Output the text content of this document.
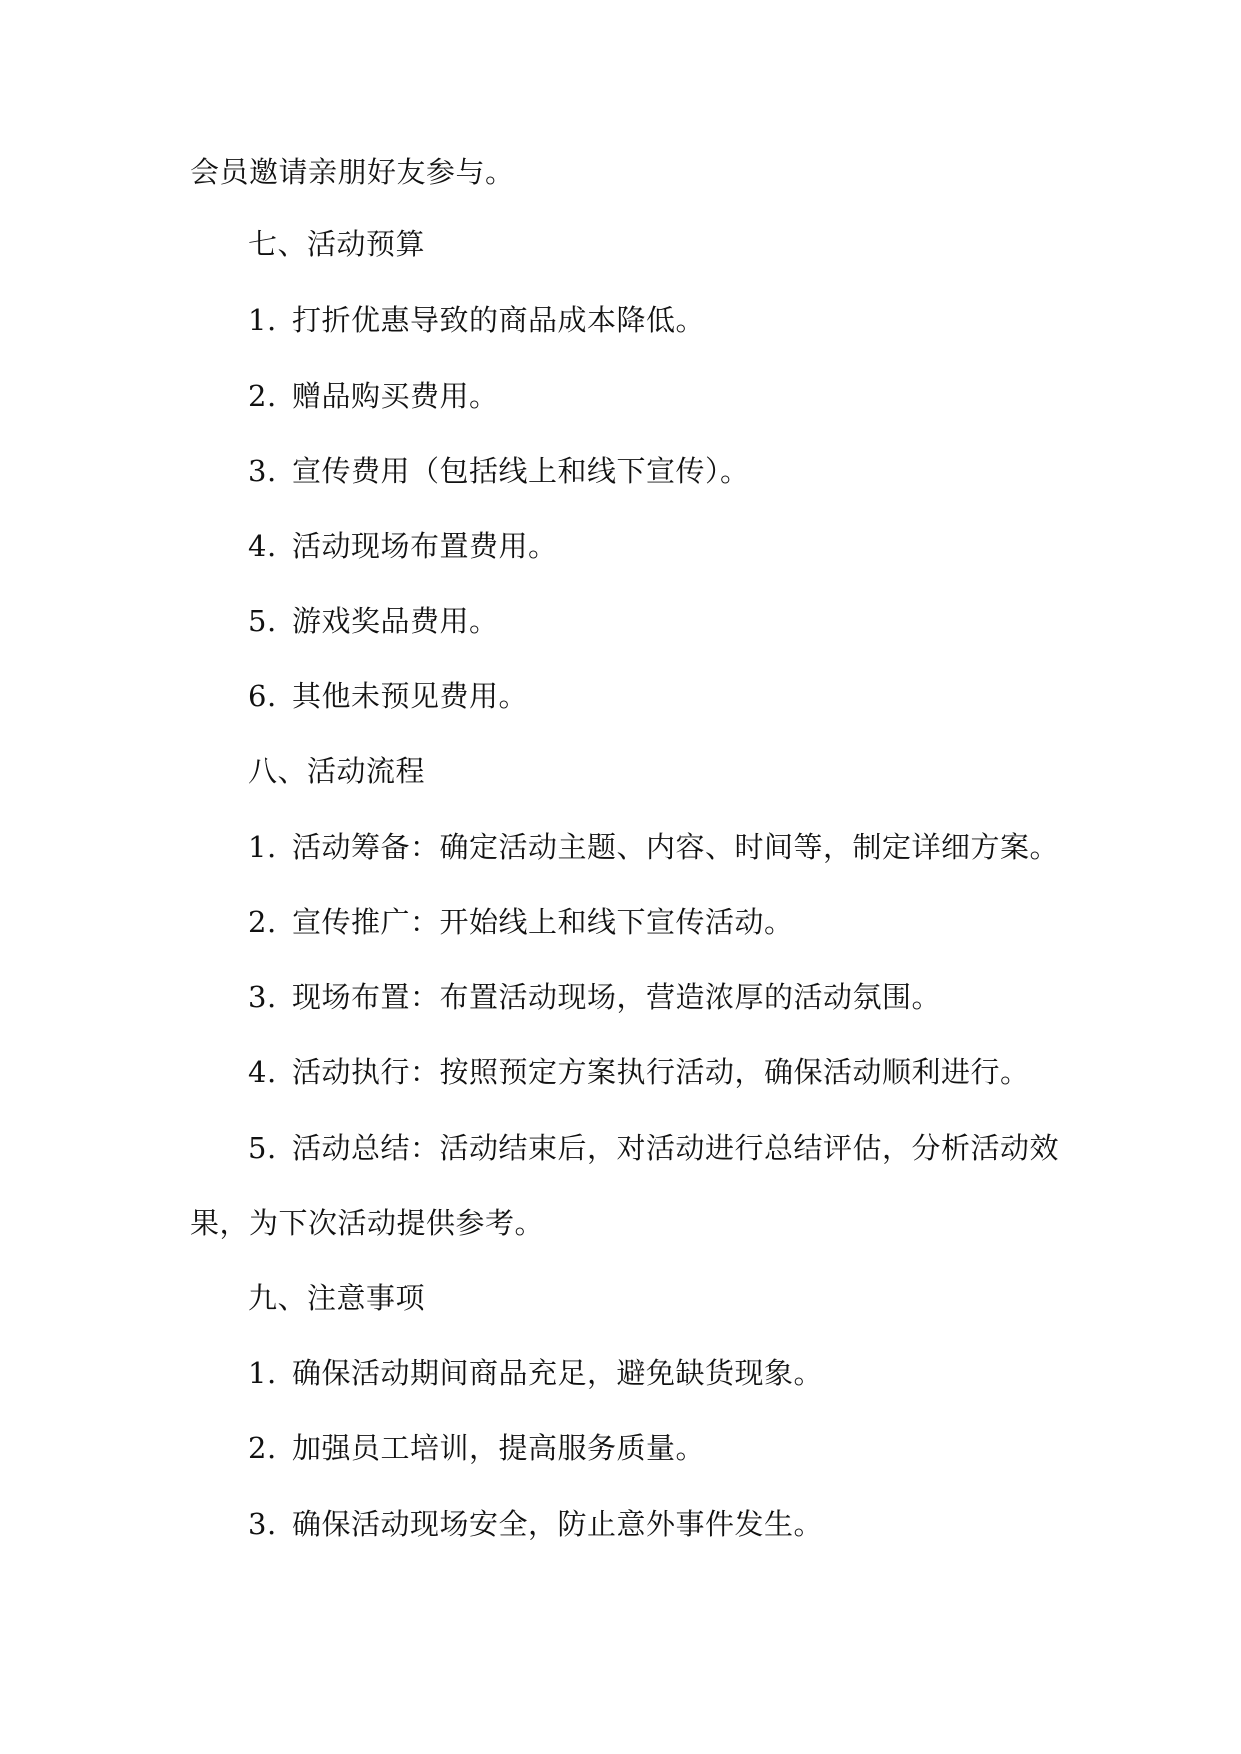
会员邀请亲朋好友参与。
七、活动预算
1. 打折优惠导致的商品成本降低。
2. 赠品购买费用。
3. 宣传费用（包括线上和线下宣传）。
4. 活动现场布置费用。
5. 游戏奖品费用。
6. 其他未预见费用。
八、活动流程
1. 活动筹备：确定活动主题、内容、时间等，制定详细方案。
2. 宣传推广：开始线上和线下宣传活动。
3. 现场布置：布置活动现场，营造浓厚的活动氛围。
4. 活动执行：按照预定方案执行活动，确保活动顺利进行。
5. 活动总结：活动结束后，对活动进行总结评估，分析活动效
果，为下次活动提供参考。
九、注意事项
1. 确保活动期间商品充足，避免缺货现象。
2. 加强员工培训，提高服务质量。
3. 确保活动现场安全，防止意外事件发生。
